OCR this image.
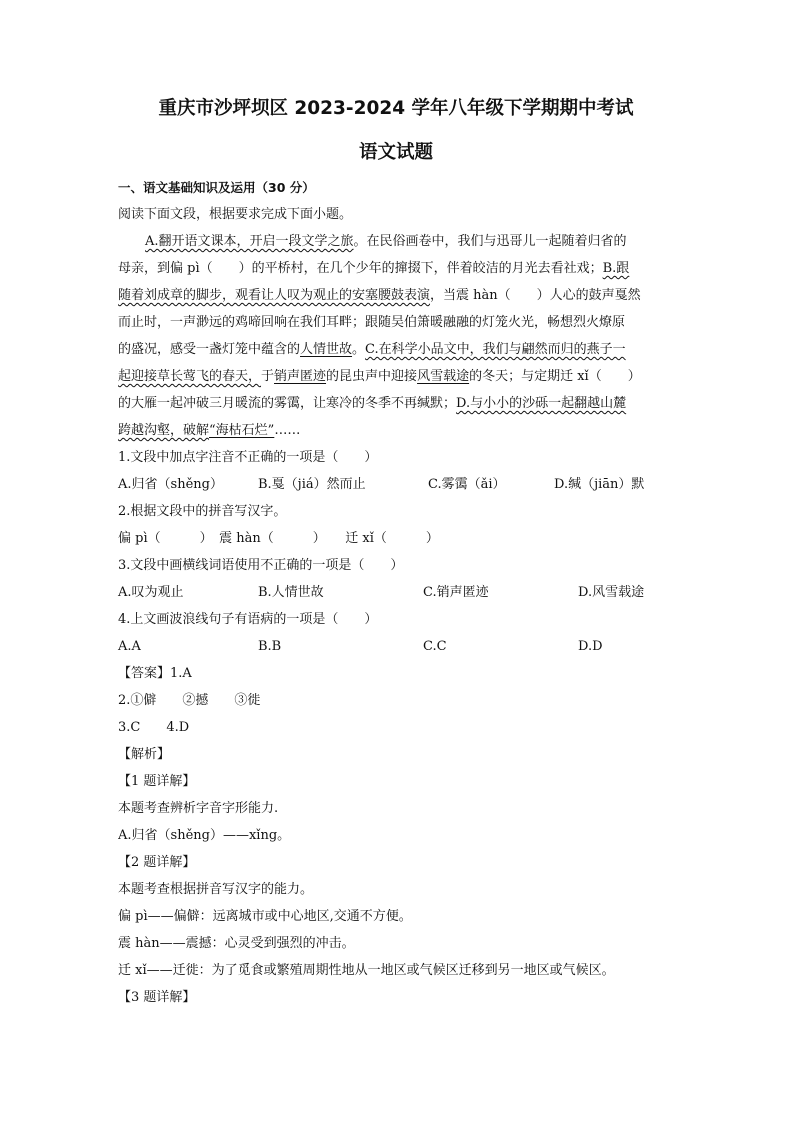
重庆市沙坪坝区 2023-2024 学年八年级下学期期中考试
语文试题
一、语文基础知识及运用（30 分）
阅读下面文段，根据要求完成下面小题。
A.翻开语文课本，开启一段文学之旅。在民俗画卷中，我们与迅哥儿一起随着归省的
母亲，到偏 pì（　　）的平桥村，在几个少年的撺掇下，伴着皎洁的月光去看社戏；B.跟
随着刘成章的脚步，观看让人叹为观止的安塞腰鼓表演，当震 hàn（　　）人心的鼓声戛然
而止时，一声渺远的鸡啼回响在我们耳畔；跟随吴伯箫暖融融的灯笼火光，畅想烈火燎原
的盛况，感受一盏灯笼中蕴含的人情世故。C.在科学小品文中，我们与翩然而归的燕子一
起迎接草长莺飞的春天，于销声匿迹的昆虫声中迎接风雪载途的冬天；与定期迁 xǐ（　　）
的大雁一起冲破三月暖流的雾霭，让寒冷的冬季不再缄默；D.与小小的沙砾一起翻越山麓
跨越沟壑，破解“海枯石烂”……
1.文段中加点字注音不正确的一项是（　　）
A.归省（shěng）	B.戛（jiá）然而止	C.雾霭（ǎi）	D.缄（jiān）默
2.根据文段中的拼音写汉字。
偏 pì（　　　）　震 hàn（　　　）　　迁 xǐ（　　　）
3.文段中画横线词语使用不正确的一项是（　　）
A.叹为观止	B.人情世故	C.销声匿迹	D.风雪载途
4.上文画波浪线句子有语病的一项是（　　）
A.A	B.B	C.C	D.D
【答案】1.A
2.①僻　　②撼　　③徙
3.C　　4.D
【解析】
【1 题详解】
本题考查辨析字音字形能力.
A.归省（shěng）——xǐng。
【2 题详解】
本题考查根据拼音写汉字的能力。
偏 pì——偏僻：远离城市或中心地区,交通不方便。
震 hàn——震撼：心灵受到强烈的冲击。
迁 xǐ——迁徙：为了觅食或繁殖周期性地从一地区或气候区迁移到另一地区或气候区。
【3 题详解】
